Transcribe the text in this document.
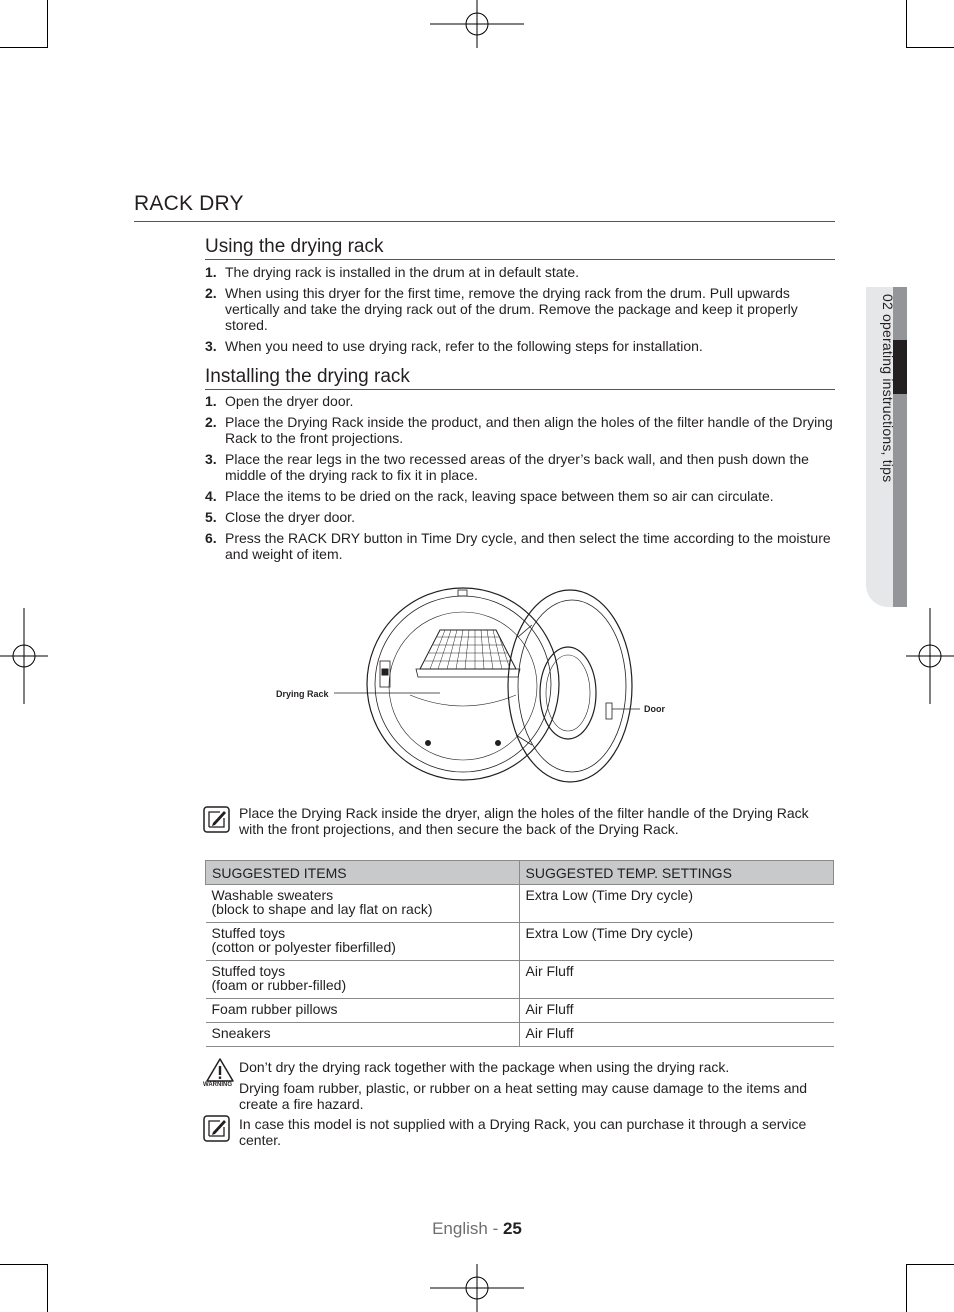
02 operating instructions, tips
RACK DRY
Using the drying rack
1. The drying rack is installed in the drum at in default state.
2. When using this dryer for the first time, remove the drying rack from the drum. Pull upwards vertically and take the drying rack out of the drum. Remove the package and keep it properly stored.
3. When you need to use drying rack, refer to the following steps for installation.
Installing the drying rack
1. Open the dryer door.
2. Place the Drying Rack inside the product, and then align the holes of the filter handle of the Drying Rack to the front projections.
3. Place the rear legs in the two recessed areas of the dryer’s back wall, and then push down the middle of the drying rack to fix it in place.
4. Place the items to be dried on the rack, leaving space between them so air can circulate.
5. Close the dryer door.
6. Press the RACK DRY button in Time Dry cycle, and then select the time according to the moisture and weight of item.
Drying Rack
Door
Place the Drying Rack inside the dryer, align the holes of the filter handle of the Drying Rack with the front projections, and then secure the back of the Drying Rack.
SUGGESTED ITEMS	SUGGESTED TEMP. SETTINGS

Washable sweaters
(block to shape and lay flat on rack)	Extra Low (Time Dry cycle)

Stuffed toys
(cotton or polyester fiberfilled)	Extra Low (Time Dry cycle)

Stuffed toys
(foam or rubber-filled)	Air Fluff

Foam rubber pillows	Air Fluff

Sneakers	Air Fluff
WARNING
Don’t dry the drying rack together with the package when using the drying rack.
Drying foam rubber, plastic, or rubber on a heat setting may cause damage to the items and create a fire hazard.
In case this model is not supplied with a Drying Rack, you can purchase it through a service center.
English - 25
